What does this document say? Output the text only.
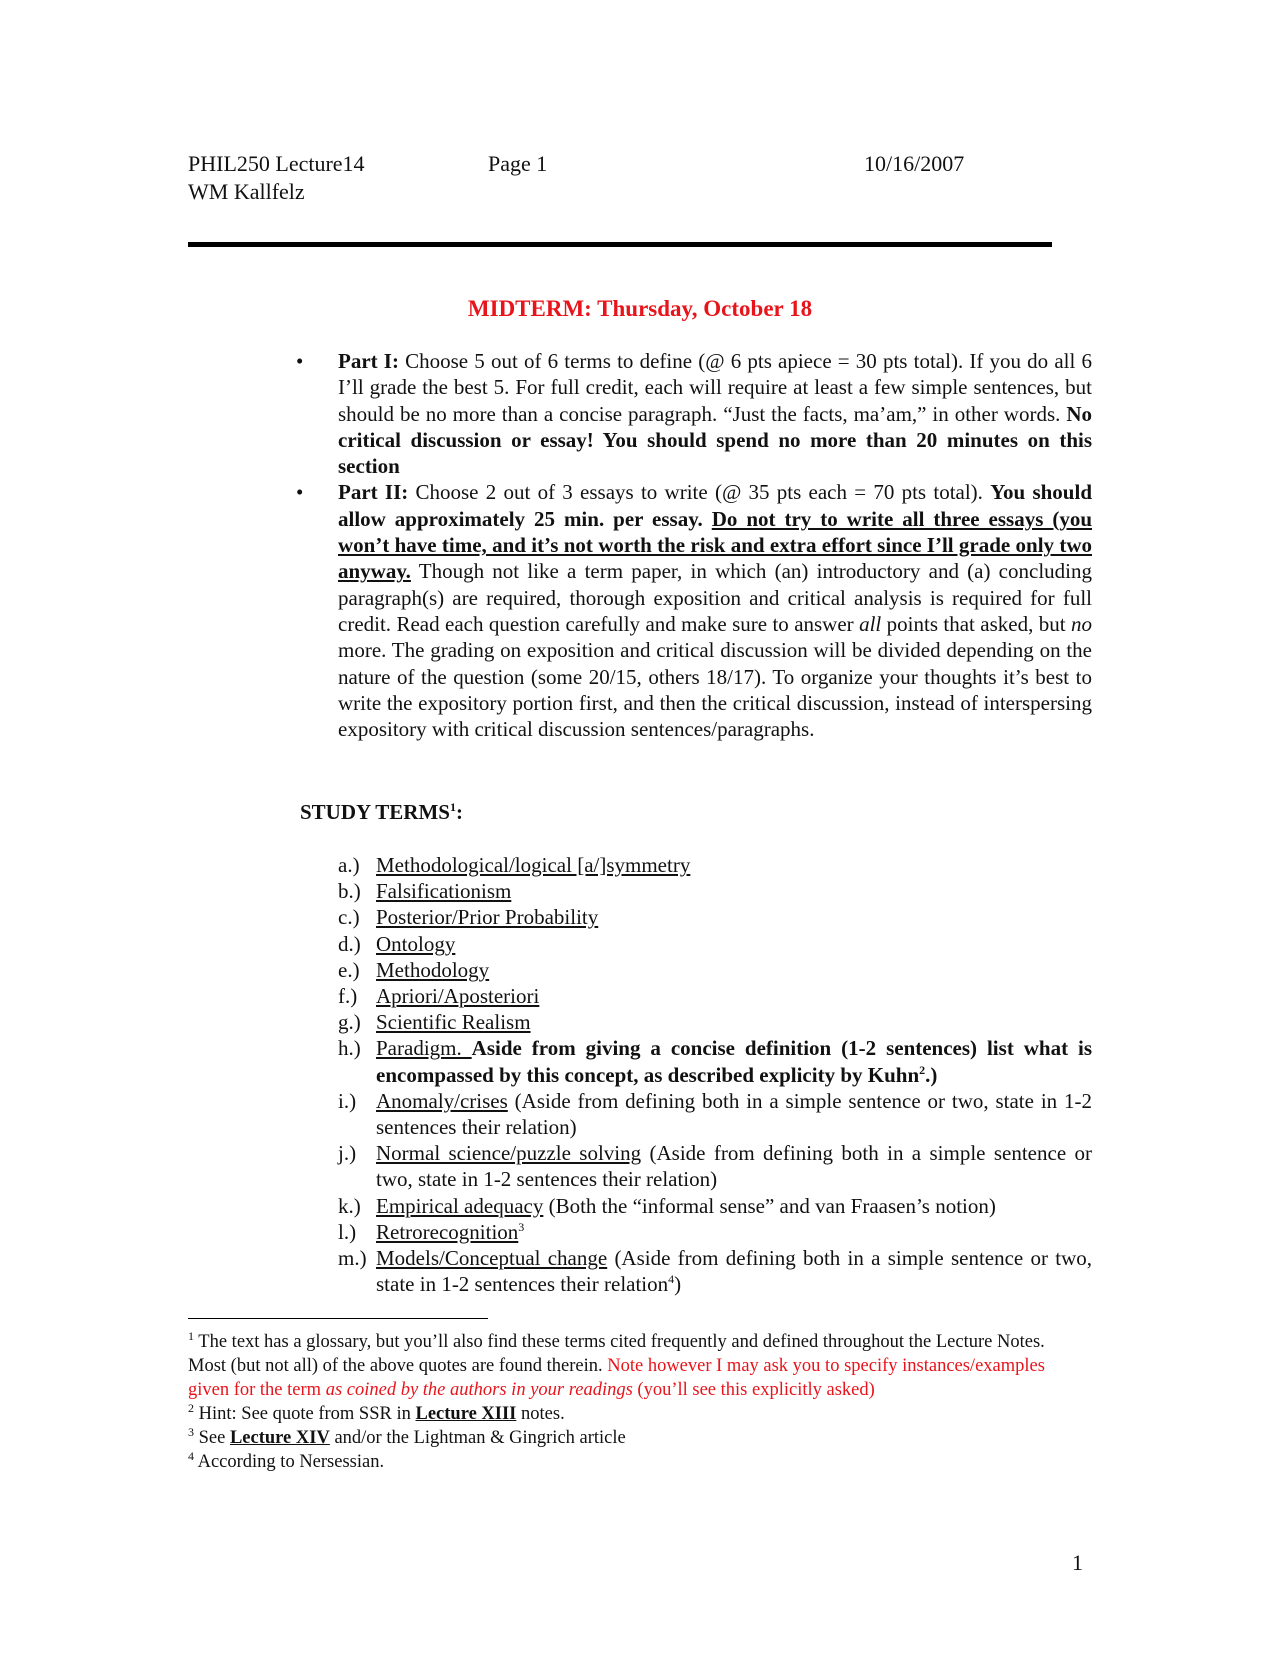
PHIL250 Lecture14	Page 1	10/16/2007
WM Kallfelz
MIDTERM: Thursday, October 18
• Part I: Choose 5 out of 6 terms to define (@ 6 pts apiece = 30 pts total). If you do all 6 I’ll grade the best 5. For full credit, each will require at least a few simple sentences, but should be no more than a concise paragraph. “Just the facts, ma’am,” in other words. No critical discussion or essay! You should spend no more than 20 minutes on this section
• Part II: Choose 2 out of 3 essays to write (@ 35 pts each = 70 pts total). You should allow approximately 25 min. per essay. Do not try to write all three essays (you won’t have time, and it’s not worth the risk and extra effort since I’ll grade only two anyway. Though not like a term paper, in which (an) introductory and (a) concluding paragraph(s) are required, thorough exposition and critical analysis is required for full credit. Read each question carefully and make sure to answer all points that asked, but no more. The grading on exposition and critical discussion will be divided depending on the nature of the question (some 20/15, others 18/17). To organize your thoughts it’s best to write the expository portion first, and then the critical discussion, instead of interspersing expository with critical discussion sentences/paragraphs.
STUDY TERMS$^1$:
a.) Methodological/logical [a/]symmetry
b.) Falsificationism
c.) Posterior/Prior Probability
d.) Ontology
e.) Methodology
f.) Apriori/Aposteriori
g.) Scientific Realism
h.) Paradigm. Aside from giving a concise definition (1-2 sentences) list what is encompassed by this concept, as described explicity by Kuhn$^2$.)
i.) Anomaly/crises (Aside from defining both in a simple sentence or two, state in 1-2 sentences their relation)
j.) Normal science/puzzle solving (Aside from defining both in a simple sentence or two, state in 1-2 sentences their relation)
k.) Empirical adequacy (Both the “informal sense” and van Fraasen’s notion)
l.) Retrorecognition$^3$
m.) Models/Conceptual change (Aside from defining both in a simple sentence or two, state in 1-2 sentences their relation$^4$)
$^1$ The text has a glossary, but you’ll also find these terms cited frequently and defined throughout the Lecture Notes. Most (but not all) of the above quotes are found therein. Note however I may ask you to specify instances/examples given for the term as coined by the authors in your readings (you’ll see this explicitly asked)
$^2$ Hint: See quote from SSR in Lecture XIII notes.
$^3$ See Lecture XIV and/or the Lightman & Gingrich article
$^4$ According to Nersessian.
1
